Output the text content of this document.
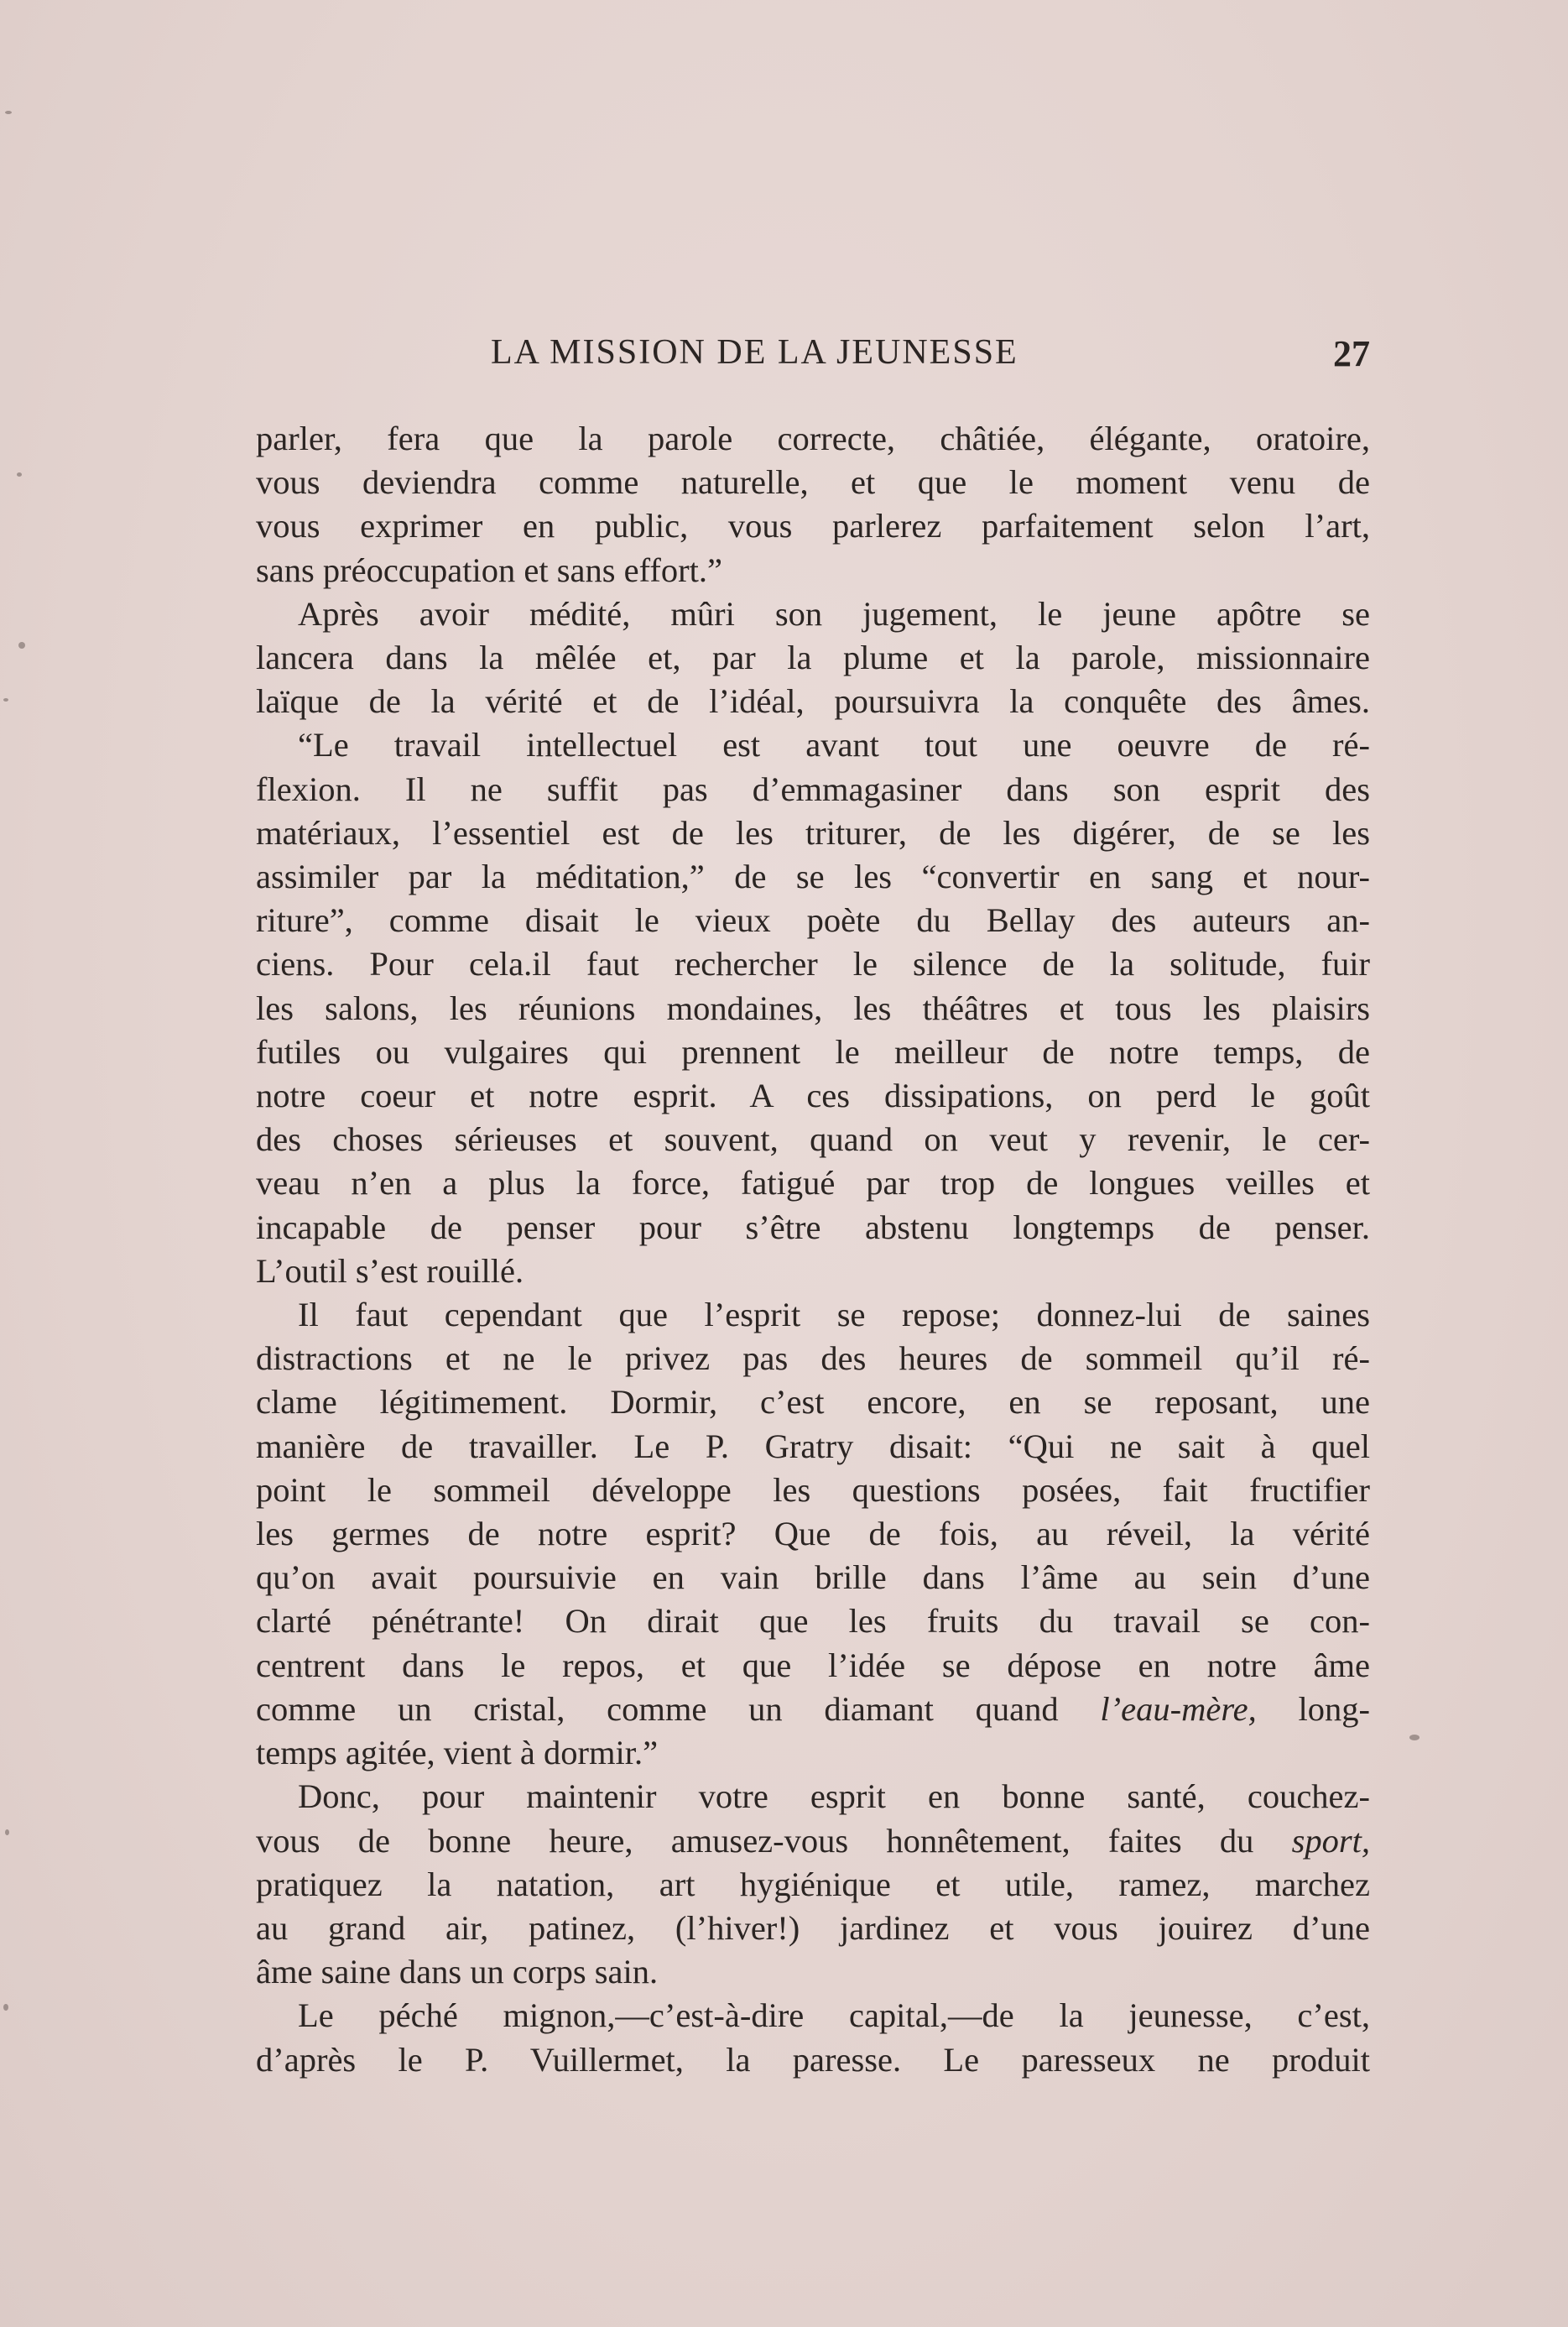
LA MISSION DE LA JEUNESSE	27
parler, fera que la parole correcte, châtiée, élégante, oratoire,
vous deviendra comme naturelle, et que le moment venu de
vous exprimer en public, vous parlerez parfaitement selon l’art,
sans préoccupation et sans effort.”
Après avoir médité, mûri son jugement, le jeune apôtre se
lancera dans la mêlée et, par la plume et la parole, missionnaire
laïque de la vérité et de l’idéal, poursuivra la conquête des âmes.
“Le travail intellectuel est avant tout une oeuvre de ré-
flexion. Il ne suffit pas d’emmagasiner dans son esprit des
matériaux, l’essentiel est de les triturer, de les digérer, de se les
assimiler par la méditation,” de se les “convertir en sang et nour-
riture”, comme disait le vieux poète du Bellay des auteurs an-
ciens. Pour cela.il faut rechercher le silence de la solitude, fuir
les salons, les réunions mondaines, les théâtres et tous les plaisirs
futiles ou vulgaires qui prennent le meilleur de notre temps, de
notre coeur et notre esprit. A ces dissipations, on perd le goût
des choses sérieuses et souvent, quand on veut y revenir, le cer-
veau n’en a plus la force, fatigué par trop de longues veilles et
incapable de penser pour s’être abstenu longtemps de penser.
L’outil s’est rouillé.
Il faut cependant que l’esprit se repose; donnez-lui de saines
distractions et ne le privez pas des heures de sommeil qu’il ré-
clame légitimement. Dormir, c’est encore, en se reposant, une
manière de travailler. Le P. Gratry disait: “Qui ne sait à quel
point le sommeil développe les questions posées, fait fructifier
les germes de notre esprit? Que de fois, au réveil, la vérité
qu’on avait poursuivie en vain brille dans l’âme au sein d’une
clarté pénétrante! On dirait que les fruits du travail se con-
centrent dans le repos, et que l’idée se dépose en notre âme
comme un cristal, comme un diamant quand l’eau-mère, long-
temps agitée, vient à dormir.”
Donc, pour maintenir votre esprit en bonne santé, couchez-
vous de bonne heure, amusez-vous honnêtement, faites du sport,
pratiquez la natation, art hygiénique et utile, ramez, marchez
au grand air, patinez, (l’hiver!) jardinez et vous jouirez d’une
âme saine dans un corps sain.
Le péché mignon,—c’est-à-dire capital,—de la jeunesse, c’est,
d’après le P. Vuillermet, la paresse. Le paresseux ne produit
